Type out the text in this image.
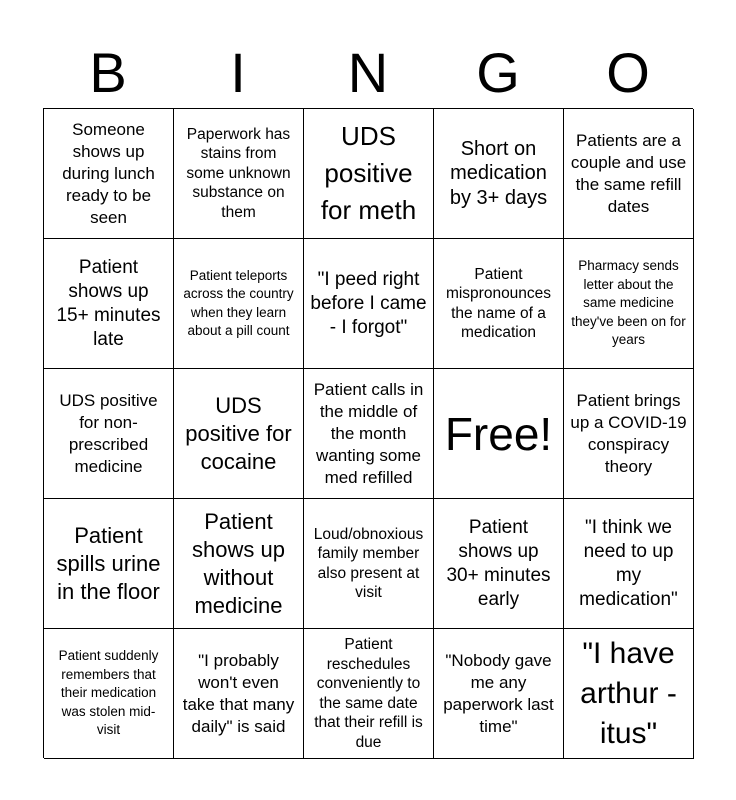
B	I	N	G	O
Someone shows up during lunch ready to be seen
Paperwork has stains from some unknown substance on them
UDS positive for meth
Short on medication by 3+ days
Patients are a couple and use the same refill dates
Patient shows up 15+ minutes late
Patient teleports across the country when they learn about a pill count
"I peed right before I came - I forgot"
Patient mispronounces the name of a medication
Pharmacy sends letter about the same medicine they've been on for years
UDS positive for non-prescribed medicine
UDS positive for cocaine
Patient calls in the middle of the month wanting some med refilled
Free!
Patient brings up a COVID-19 conspiracy theory
Patient spills urine in the floor
Patient shows up without medicine
Loud/obnoxious family member also present at visit
Patient shows up 30+ minutes early
"I think we need to up my medication"
Patient suddenly remembers that their medication was stolen mid-visit
"I probably won't even take that many daily" is said
Patient reschedules conveniently to the same date that their refill is due
"Nobody gave me any paperwork last time"
"I have arthur - itus"
